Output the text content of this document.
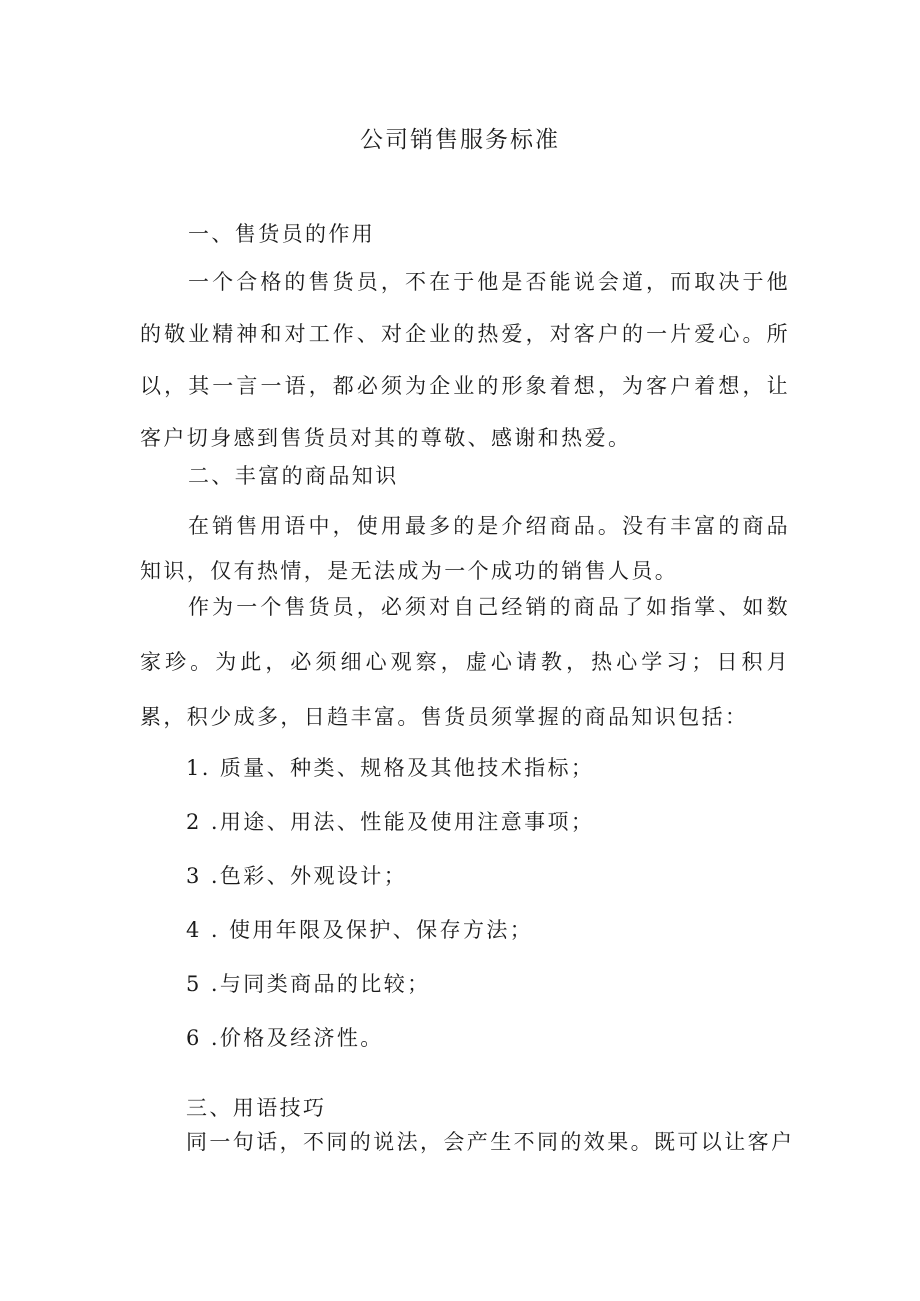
公司销售服务标准
一、售货员的作用

一个合格的售货员，不在于他是否能说会道，而取决于他的敬业精神和对工作、对企业的热爱，对客户的一片爱心。所以，其一言一语，都必须为企业的形象着想，为客户着想，让客户切身感到售货员对其的尊敬、感谢和热爱。

二、丰富的商品知识

在销售用语中，使用最多的是介绍商品。没有丰富的商品知识，仅有热情，是无法成为一个成功的销售人员。

作为一个售货员，必须对自己经销的商品了如指掌、如数家珍。为此，必须细心观察，虚心请教，热心学习；日积月累，积少成多，日趋丰富。售货员须掌握的商品知识包括：

1. 质量、种类、规格及其他技术指标；
2 .用途、用法、性能及使用注意事项；
3 .色彩、外观设计；
4 . 使用年限及保护、保存方法；
5 .与同类商品的比较；
6 .价格及经济性。
三、用语技巧
同一句话，不同的说法，会产生不同的效果。既可以让客户
